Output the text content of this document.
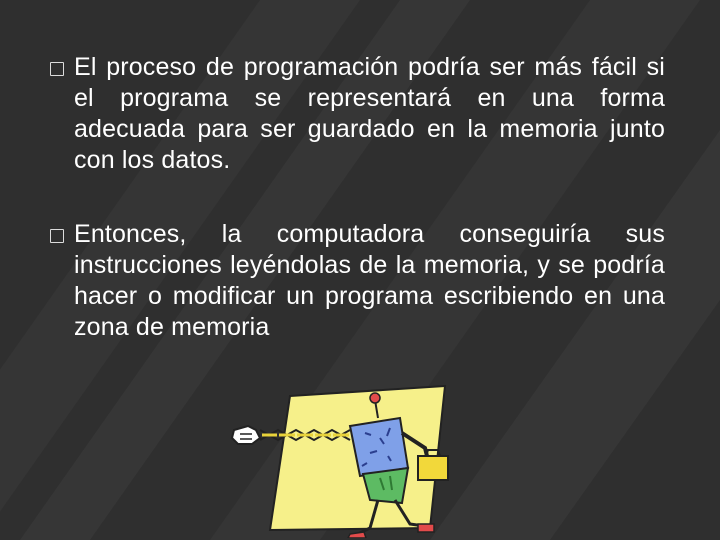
El proceso de programación podría ser más fácil si el programa se representará en una forma adecuada para ser guardado en la memoria junto con los datos.
Entonces, la computadora conseguiría sus instrucciones leyéndolas de la memoria, y se podría hacer o modificar un programa escribiendo en una zona de memoria
